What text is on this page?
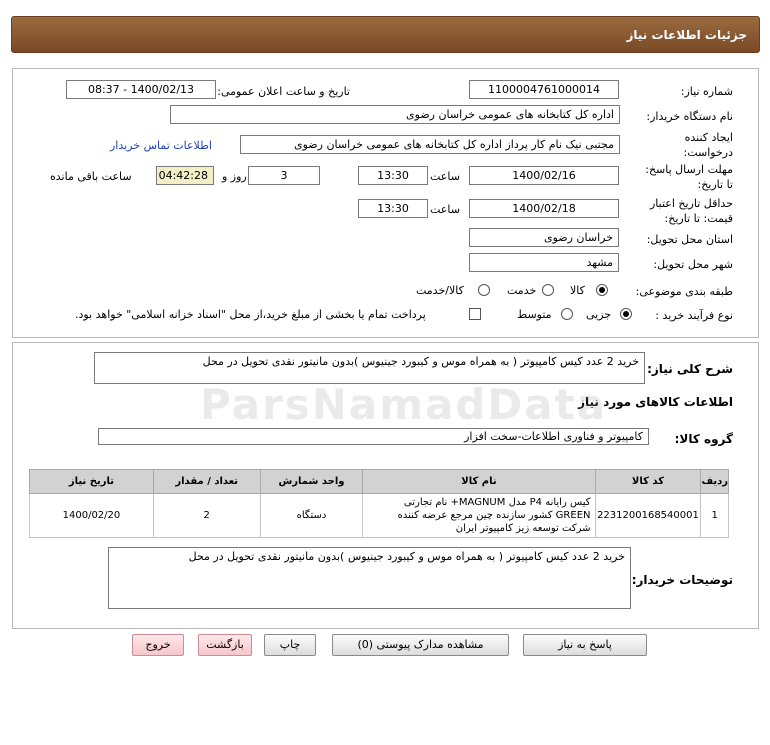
جزئیات اطلاعات نیاز
شماره نیاز:
1100004761000014
تاریخ و ساعت اعلان عمومی:
1400/02/13 - 08:37
نام دستگاه خریدار:
اداره کل کتابخانه های عمومی خراسان رضوی
ایجاد کننده درخواست:
مجتبی نیک نام کار پرداز اداره کل کتابخانه های عمومی خراسان رضوی
اطلاعات تماس خریدار
مهلت ارسال پاسخ: تا تاریخ:
1400/02/16
ساعت
13:30
3
روز و
04:42:28
ساعت باقی مانده
حداقل تاریخ اعتبار قیمت: تا تاریخ:
1400/02/18
ساعت
13:30
استان محل تحویل:
خراسان رضوی
شهر محل تحویل:
مشهد
طبقه بندی موضوعی:
کالا
خدمت
کالا/خدمت
نوع فرآیند خرید :
جزیی
متوسط
پرداخت تمام یا بخشی از مبلغ خرید،از محل "اسناد خزانه اسلامی" خواهد بود.
شرح کلی نیاز:
خرید 2 عدد کیس کامپیوتر ( به همراه موس و کیبورد جینیوس )بدون مانیتور نقدی تحویل در محل
اطلاعات کالاهای مورد نیاز
گروه کالا:
کامپیوتر و فناوری اطلاعات-سخت افزار
ردیف	کد کالا	نام کالا	واحد شمارش	تعداد / مقدار	تاریخ نیاز
1	2231200168540001	کیس رایانه P4 مدل MAGNUM+ نام تجارتی GREEN کشور سازنده چین مرجع عرضه کننده شرکت توسعه زیز کامپیوتر ایران	دستگاه	2	1400/02/20
توضیحات خریدار:
خرید 2 عدد کیس کامپیوتر ( به همراه موس و کیبورد جینیوس )بدون مانیتور نقدی تحویل در محل
ParsNamadData
پاسخ به نیاز
مشاهده مدارک پیوستی (0)
چاپ
بازگشت
خروج
